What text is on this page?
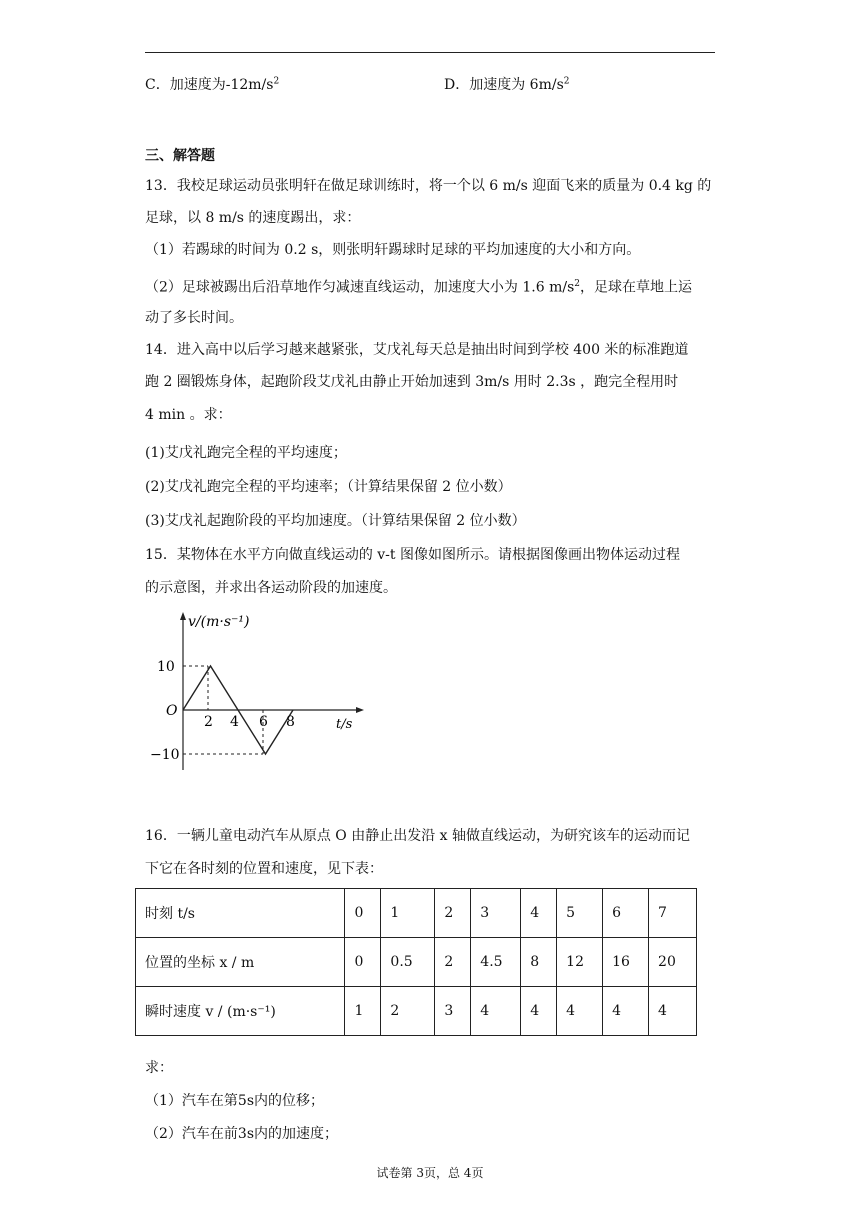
C．加速度为$-12m/s^2$	D．加速度为 $6m/s^2$
三、解答题
13．我校足球运动员张明轩在做足球训练时，将一个以 6 m/s 迎面飞来的质量为 0.4 kg 的
足球，以 8 m/s 的速度踢出，求：
（1）若踢球的时间为 0.2 s，则张明轩踢球时足球的平均加速度的大小和方向。
（2）足球被踢出后沿草地作匀减速直线运动，加速度大小为 1.6 $m/s^2$，足球在草地上运
动了多长时间。
14．进入高中以后学习越来越紧张，艾戊礼每天总是抽出时间到学校 400 米的标准跑道
跑 2 圈锻炼身体，起跑阶段艾戊礼由静止开始加速到 3m/s 用时 2.3s ，跑完全程用时
4 min 。求：
(1)艾戊礼跑完全程的平均速度；
(2)艾戊礼跑完全程的平均速率；（计算结果保留 2 位小数）
(3)艾戊礼起跑阶段的平均加速度。（计算结果保留 2 位小数）
15．某物体在水平方向做直线运动的 v-t 图像如图所示。请根据图像画出物体运动过程
的示意图，并求出各运动阶段的加速度。
v/(m·s⁻¹)
t/s
O
10
−10
2 4 6 8
16．一辆儿童电动汽车从原点 O 由静止出发沿 x 轴做直线运动，为研究该车的运动而记
下它在各时刻的位置和速度，见下表：
时刻 t/s	0	1	2	3	4	5	6	7
位置的坐标 x / m	0	0.5	2	4.5	8	12	16	20
瞬时速度 v / (m·s⁻¹)	1	2	3	4	4	4	4	4
求：
（1）汽车在第5s内的位移；
（2）汽车在前3s内的加速度；
试卷第 3页，总 4页
